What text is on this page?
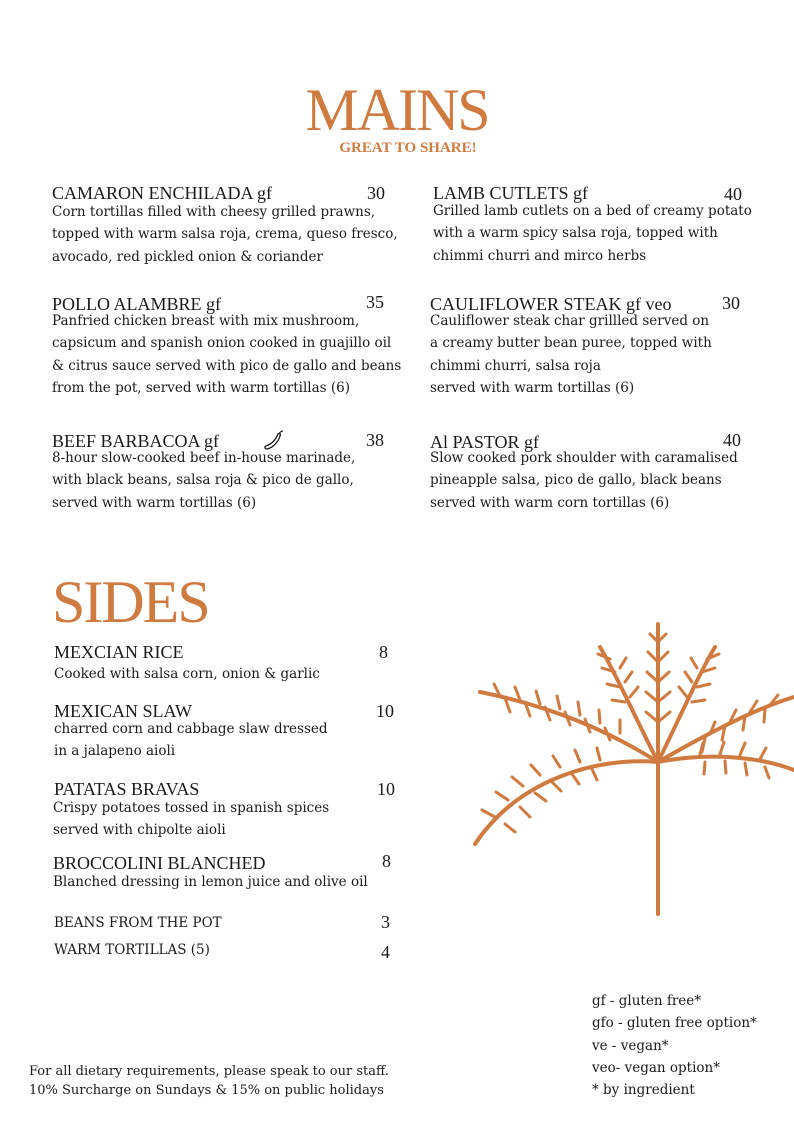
MAINS
GREAT TO SHARE!
CAMARON ENCHILADA gf	30
Corn tortillas filled with cheesy grilled prawns,
topped with warm salsa roja, crema, queso fresco,
avocado, red pickled onion & coriander
LAMB CUTLETS gf	40
Grilled lamb cutlets on a bed of creamy potato
with a warm spicy salsa roja, topped with
chimmi churri and mirco herbs
POLLO ALAMBRE gf	35
Panfried chicken breast with mix mushroom,
capsicum and spanish onion cooked in guajillo oil
& citrus sauce served with pico de gallo and beans
from the pot, served with warm tortillas (6)
CAULIFLOWER STEAK gf veo	30
Cauliflower steak char grillled served on
a creamy butter bean puree, topped with
chimmi churri, salsa roja
served with warm tortillas (6)
BEEF BARBACOA gf	38
8-hour slow-cooked beef in-house marinade,
with black beans, salsa roja & pico de gallo,
served with warm tortillas (6)
Al PASTOR gf	40
Slow cooked pork shoulder with caramalised
pineapple salsa, pico de gallo, black beans
served with warm corn tortillas (6)
SIDES
MEXCIAN RICE	8
Cooked with salsa corn, onion & garlic
MEXICAN SLAW	10
charred corn and cabbage slaw dressed
in a jalapeno aioli
PATATAS BRAVAS	10
Crispy potatoes tossed in spanish spices
served with chipolte aioli
BROCCOLINI BLANCHED	8
Blanched dressing in lemon juice and olive oil
BEANS FROM THE POT	3
WARM TORTILLAS (5)	4
gf - gluten free*
gfo - gluten free option*
ve - vegan*
veo- vegan option*
* by ingredient
For all dietary requirements, please speak to our staff.
10% Surcharge on Sundays & 15% on public holidays
